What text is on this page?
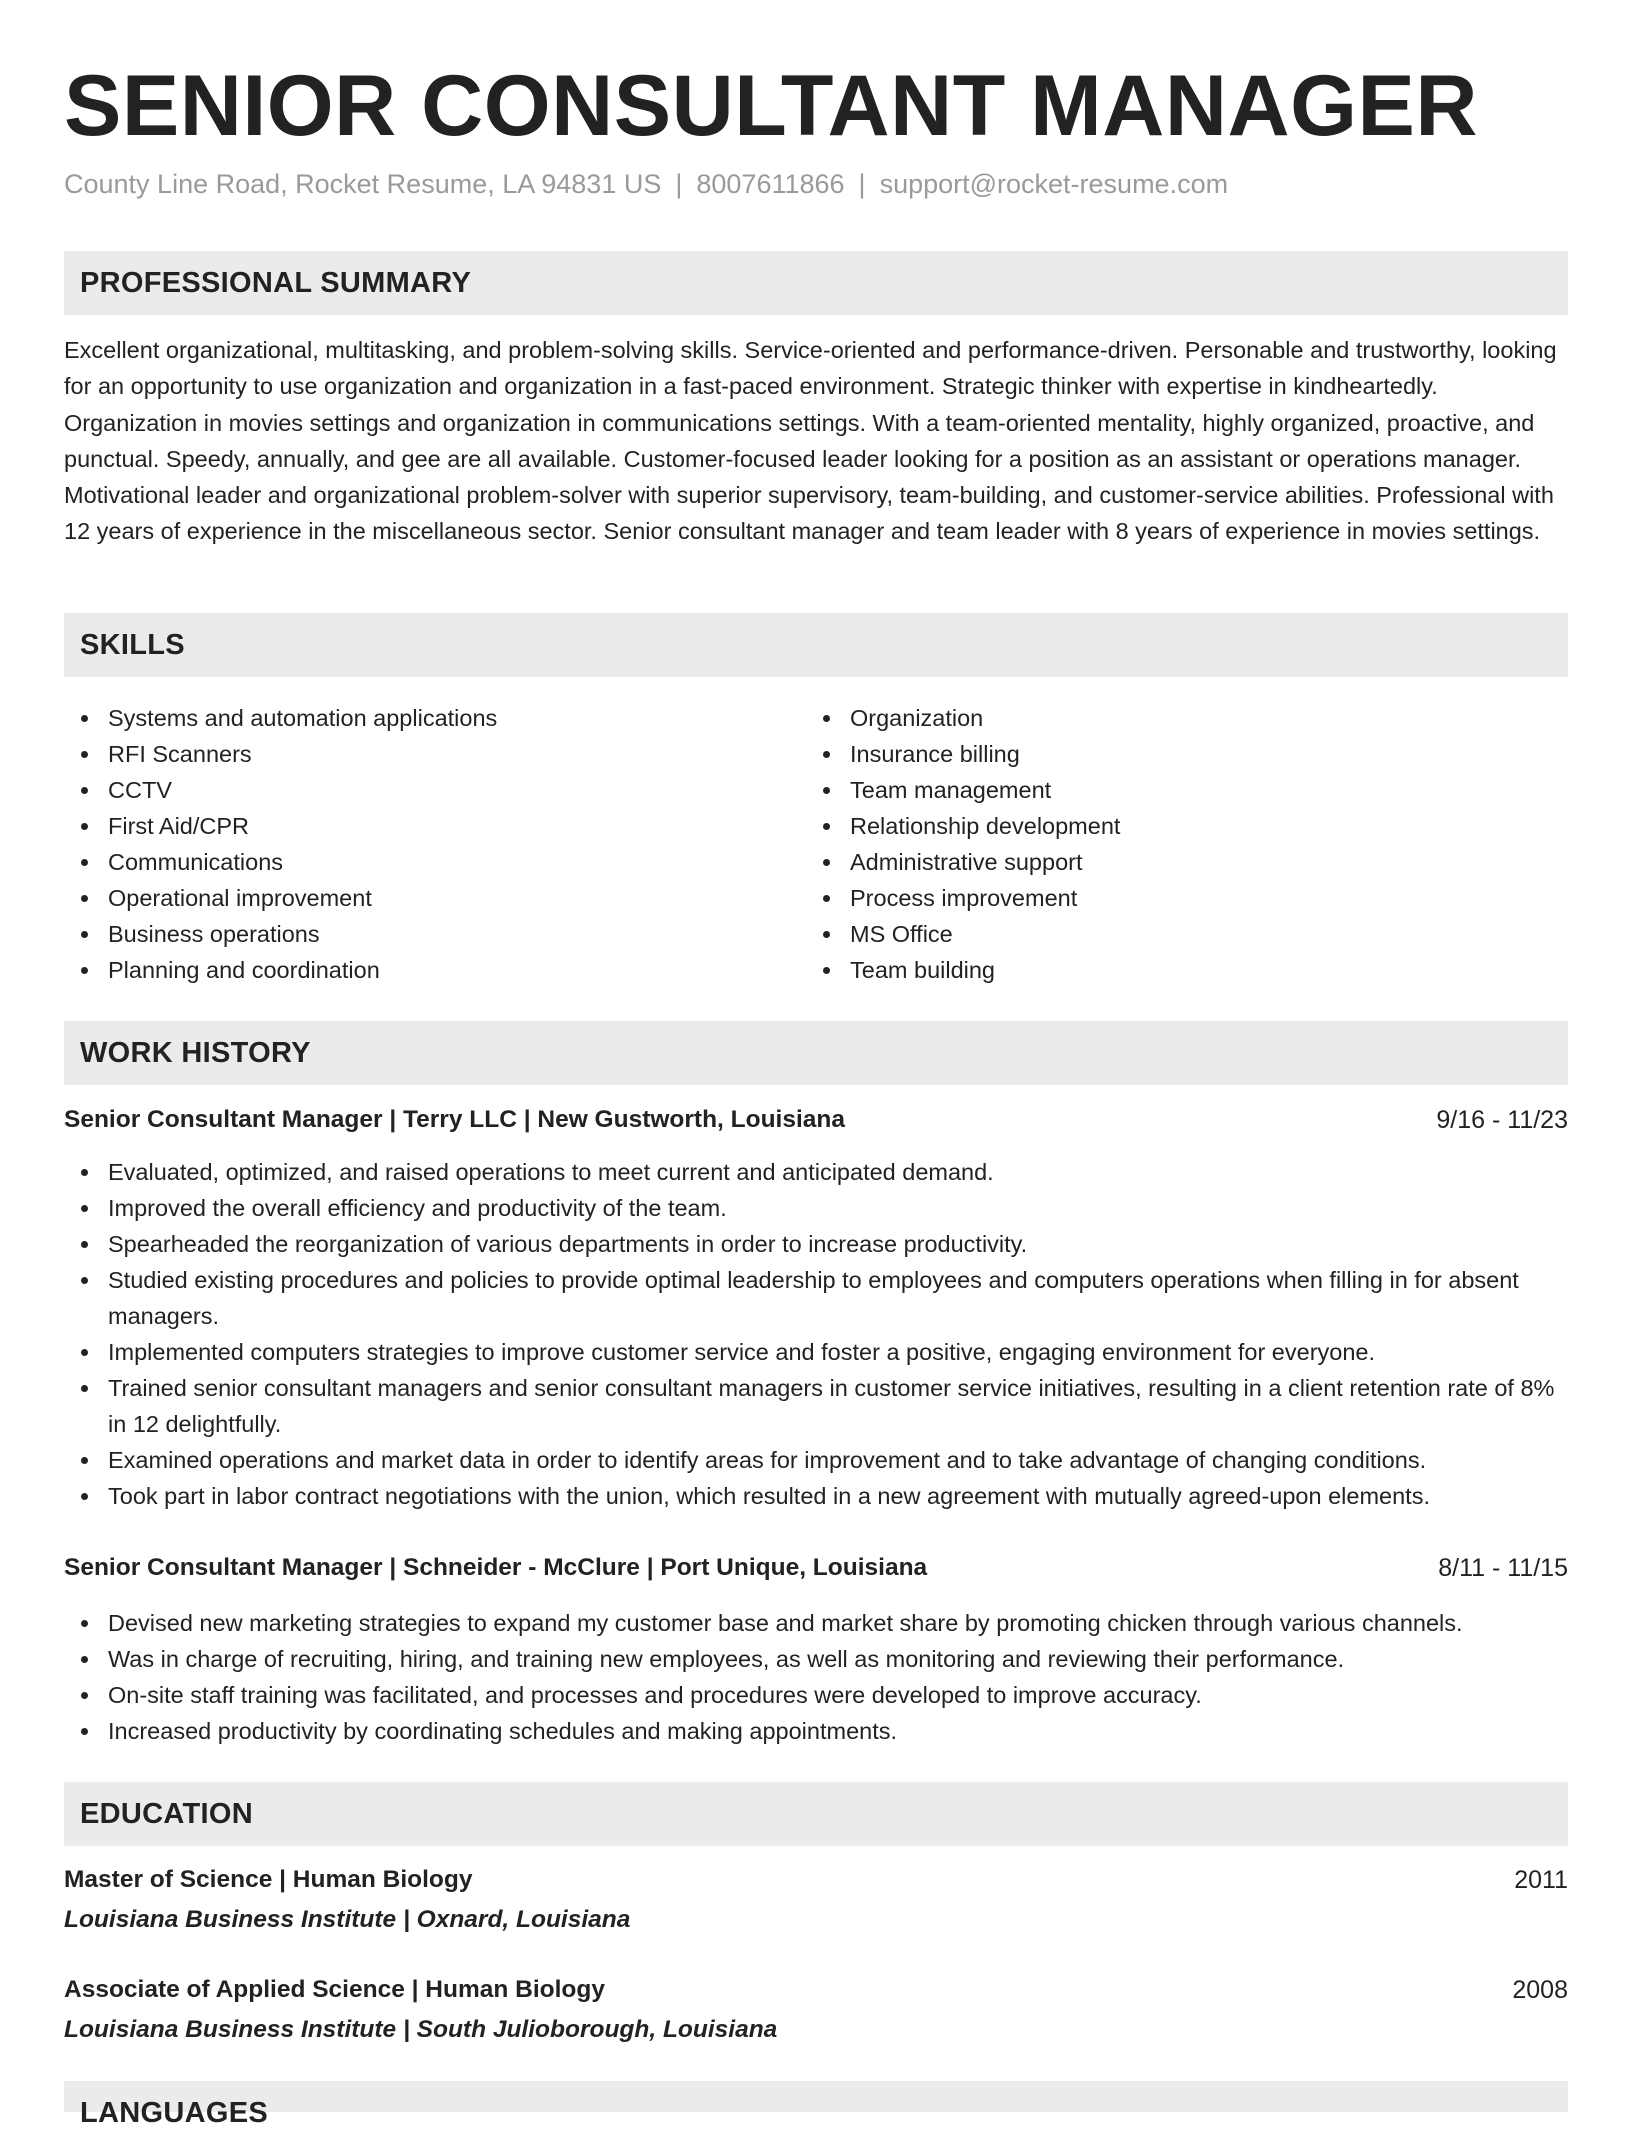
SENIOR CONSULTANT MANAGER
County Line Road, Rocket Resume, LA 94831 US | 8007611866 | support@rocket-resume.com
PROFESSIONAL SUMMARY

Excellent organizational, multitasking, and problem-solving skills. Service-oriented and performance-driven. Personable and trustworthy, looking for an opportunity to use organization and organization in a fast-paced environment. Strategic thinker with expertise in kindheartedly. Organization in movies settings and organization in communications settings. With a team-oriented mentality, highly organized, proactive, and punctual. Speedy, annually, and gee are all available. Customer-focused leader looking for a position as an assistant or operations manager. Motivational leader and organizational problem-solver with superior supervisory, team-building, and customer-service abilities. Professional with 12 years of experience in the miscellaneous sector. Senior consultant manager and team leader with 8 years of experience in movies settings.

SKILLS
Systems and automation applications
RFI Scanners
CCTV
First Aid/CPR
Communications
Operational improvement
Business operations
Planning and coordination
Organization
Insurance billing
Team management
Relationship development
Administrative support
Process improvement
MS Office
Team building
WORK HISTORY
Senior Consultant Manager | Terry LLC | New Gustworth, Louisiana	9/16 - 11/23
Evaluated, optimized, and raised operations to meet current and anticipated demand.
Improved the overall efficiency and productivity of the team.
Spearheaded the reorganization of various departments in order to increase productivity.
Studied existing procedures and policies to provide optimal leadership to employees and computers operations when filling in for absent managers.
Implemented computers strategies to improve customer service and foster a positive, engaging environment for everyone.
Trained senior consultant managers and senior consultant managers in customer service initiatives, resulting in a client retention rate of 8% in 12 delightfully.
Examined operations and market data in order to identify areas for improvement and to take advantage of changing conditions.
Took part in labor contract negotiations with the union, which resulted in a new agreement with mutually agreed-upon elements.
Senior Consultant Manager | Schneider - McClure | Port Unique, Louisiana	8/11 - 11/15
Devised new marketing strategies to expand my customer base and market share by promoting chicken through various channels.
Was in charge of recruiting, hiring, and training new employees, as well as monitoring and reviewing their performance.
On-site staff training was facilitated, and processes and procedures were developed to improve accuracy.
Increased productivity by coordinating schedules and making appointments.
EDUCATION
Master of Science | Human Biology	2011
Louisiana Business Institute | Oxnard, Louisiana
Associate of Applied Science | Human Biology	2008
Louisiana Business Institute | South Julioborough, Louisiana
LANGUAGES
